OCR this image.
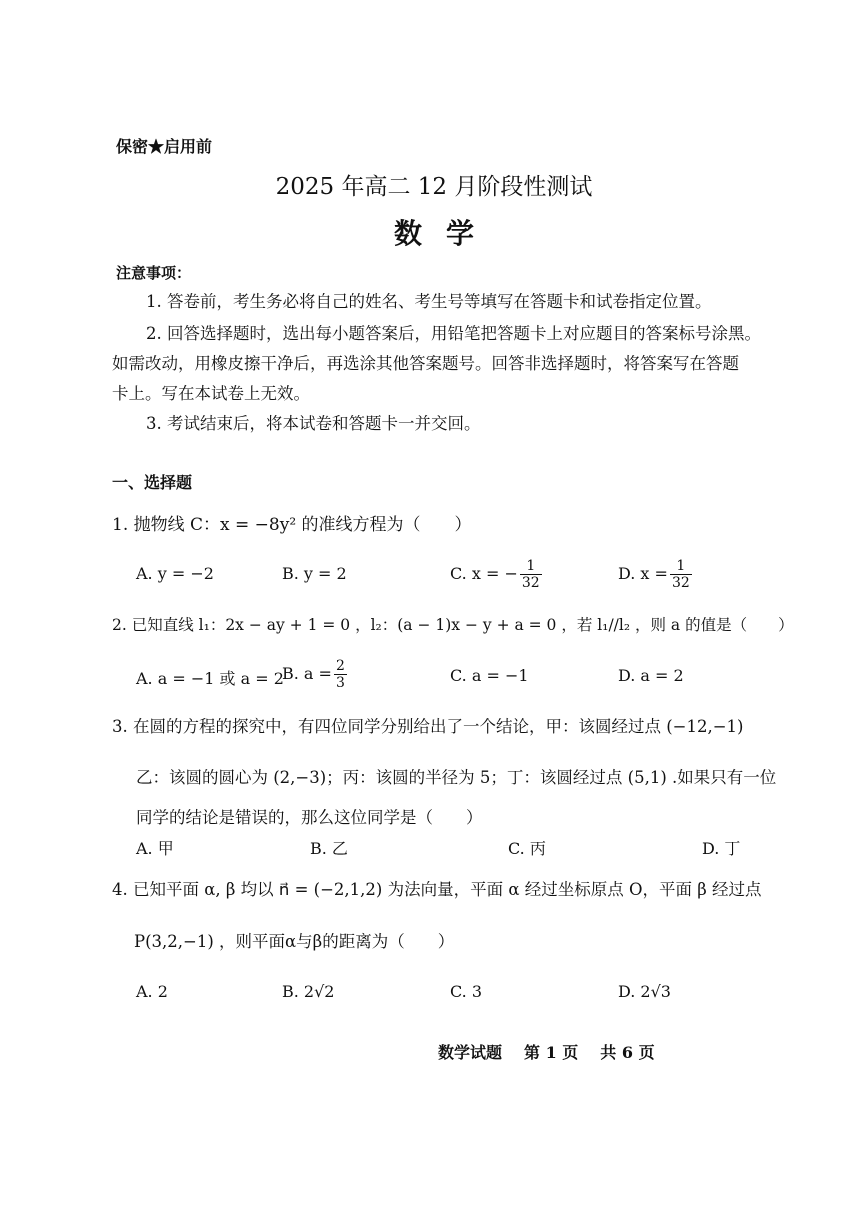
保密★启用前
2025 年高二 12 月阶段性测试
数学
注意事项：
1. 答卷前，考生务必将自己的姓名、考生号等填写在答题卡和试卷指定位置。
2. 回答选择题时，选出每小题答案后，用铅笔把答题卡上对应题目的答案标号涂黑。
如需改动，用橡皮擦干净后，再选涂其他答案题号。回答非选择题时，将答案写在答题
卡上。写在本试卷上无效。
3. 考试结束后，将本试卷和答题卡一并交回。
一、选择题
1. 抛物线 C：x = −8y² 的准线方程为（　　）
A. y = −2	B. y = 2	C. x = − $\frac{1}{32}$	D. $x = \frac{1}{32}$
2. 已知直线 l₁：2x − ay + 1 = 0 ，l₂：(a − 1)x − y + a = 0 ，若 l₁//l₂ ，则 a 的值是（　　）
A. a = −1 或 a = 2
B. $a = \frac{2}{3}$	C. a = −1	D. a = 2
3. 在圆的方程的探究中，有四位同学分别给出了一个结论，甲：该圆经过点 (−12,−1)
乙：该圆的圆心为 (2,−3)；丙：该圆的半径为 5；丁：该圆经过点 (5,1) .如果只有一位
同学的结论是错误的，那么这位同学是（　　）
A. 甲	B. 乙	C. 丙	D. 丁
4. 已知平面 α, β 均以 n⃗ = (−2,1,2) 为法向量，平面 α 经过坐标原点 O，平面 β 经过点
P(3,2,−1) ，则平面α与β的距离为（　　）
A. 2	B. 2√2	C. 3	D. 2√3
数学试题 第 1 页 共 6 页
